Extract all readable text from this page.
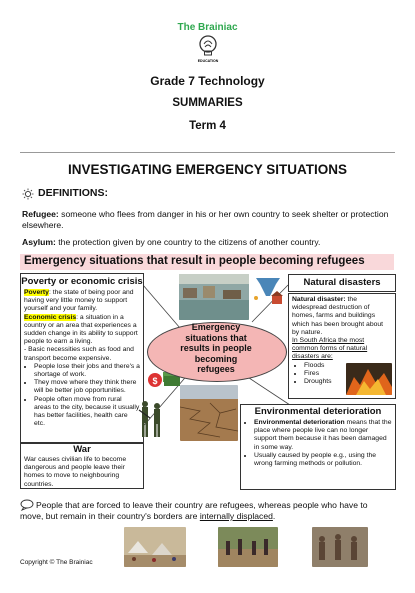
The Brainiac
EDUCATION
Grade 7 Technology
SUMMARIES
Term 4
INVESTIGATING EMERGENCY SITUATIONS
DEFINITIONS:
Refugee: someone who flees from danger in his or her own country to seek shelter or protection elsewhere.
Asylum: the protection given by one country to the citizens of another country.
Emergency situations that result in people becoming refugees
Poverty or economic crisis
Poverty: the state of being poor and having very little money to support yourself and your family.
Economic crisis: a situation in a country or an area that experiences a sudden change in its ability to support people to earn a living.
- Basic necessities such as food and transport become expensive.
• People lose their jobs and there's a shortage of work.
• They move where they think there will be better job opportunities.
• People often move from rural areas to the city, because it usually has better facilities, health care etc.
War
War causes civilian life to become dangerous and people leave their homes to move to neighbouring countries.
$
Emergency situations that results in people becoming refugees
Natural disasters
Natural disaster: the widespread destruction of homes, farms and buildings which has been brought about by nature.
In South Africa the most common forms of natural disasters are:
• Floods
• Fires
• Droughts
Environmental deterioration
• Environmental deterioration means that the place where people live can no longer support them because it has been damaged in some way.
• Usually caused by people e.g., using the wrong farming methods or pollution.
People that are forced to leave their country are refugees, whereas people who have to move, but remain in their country's borders are internally displaced.
Copyright © The Brainiac
